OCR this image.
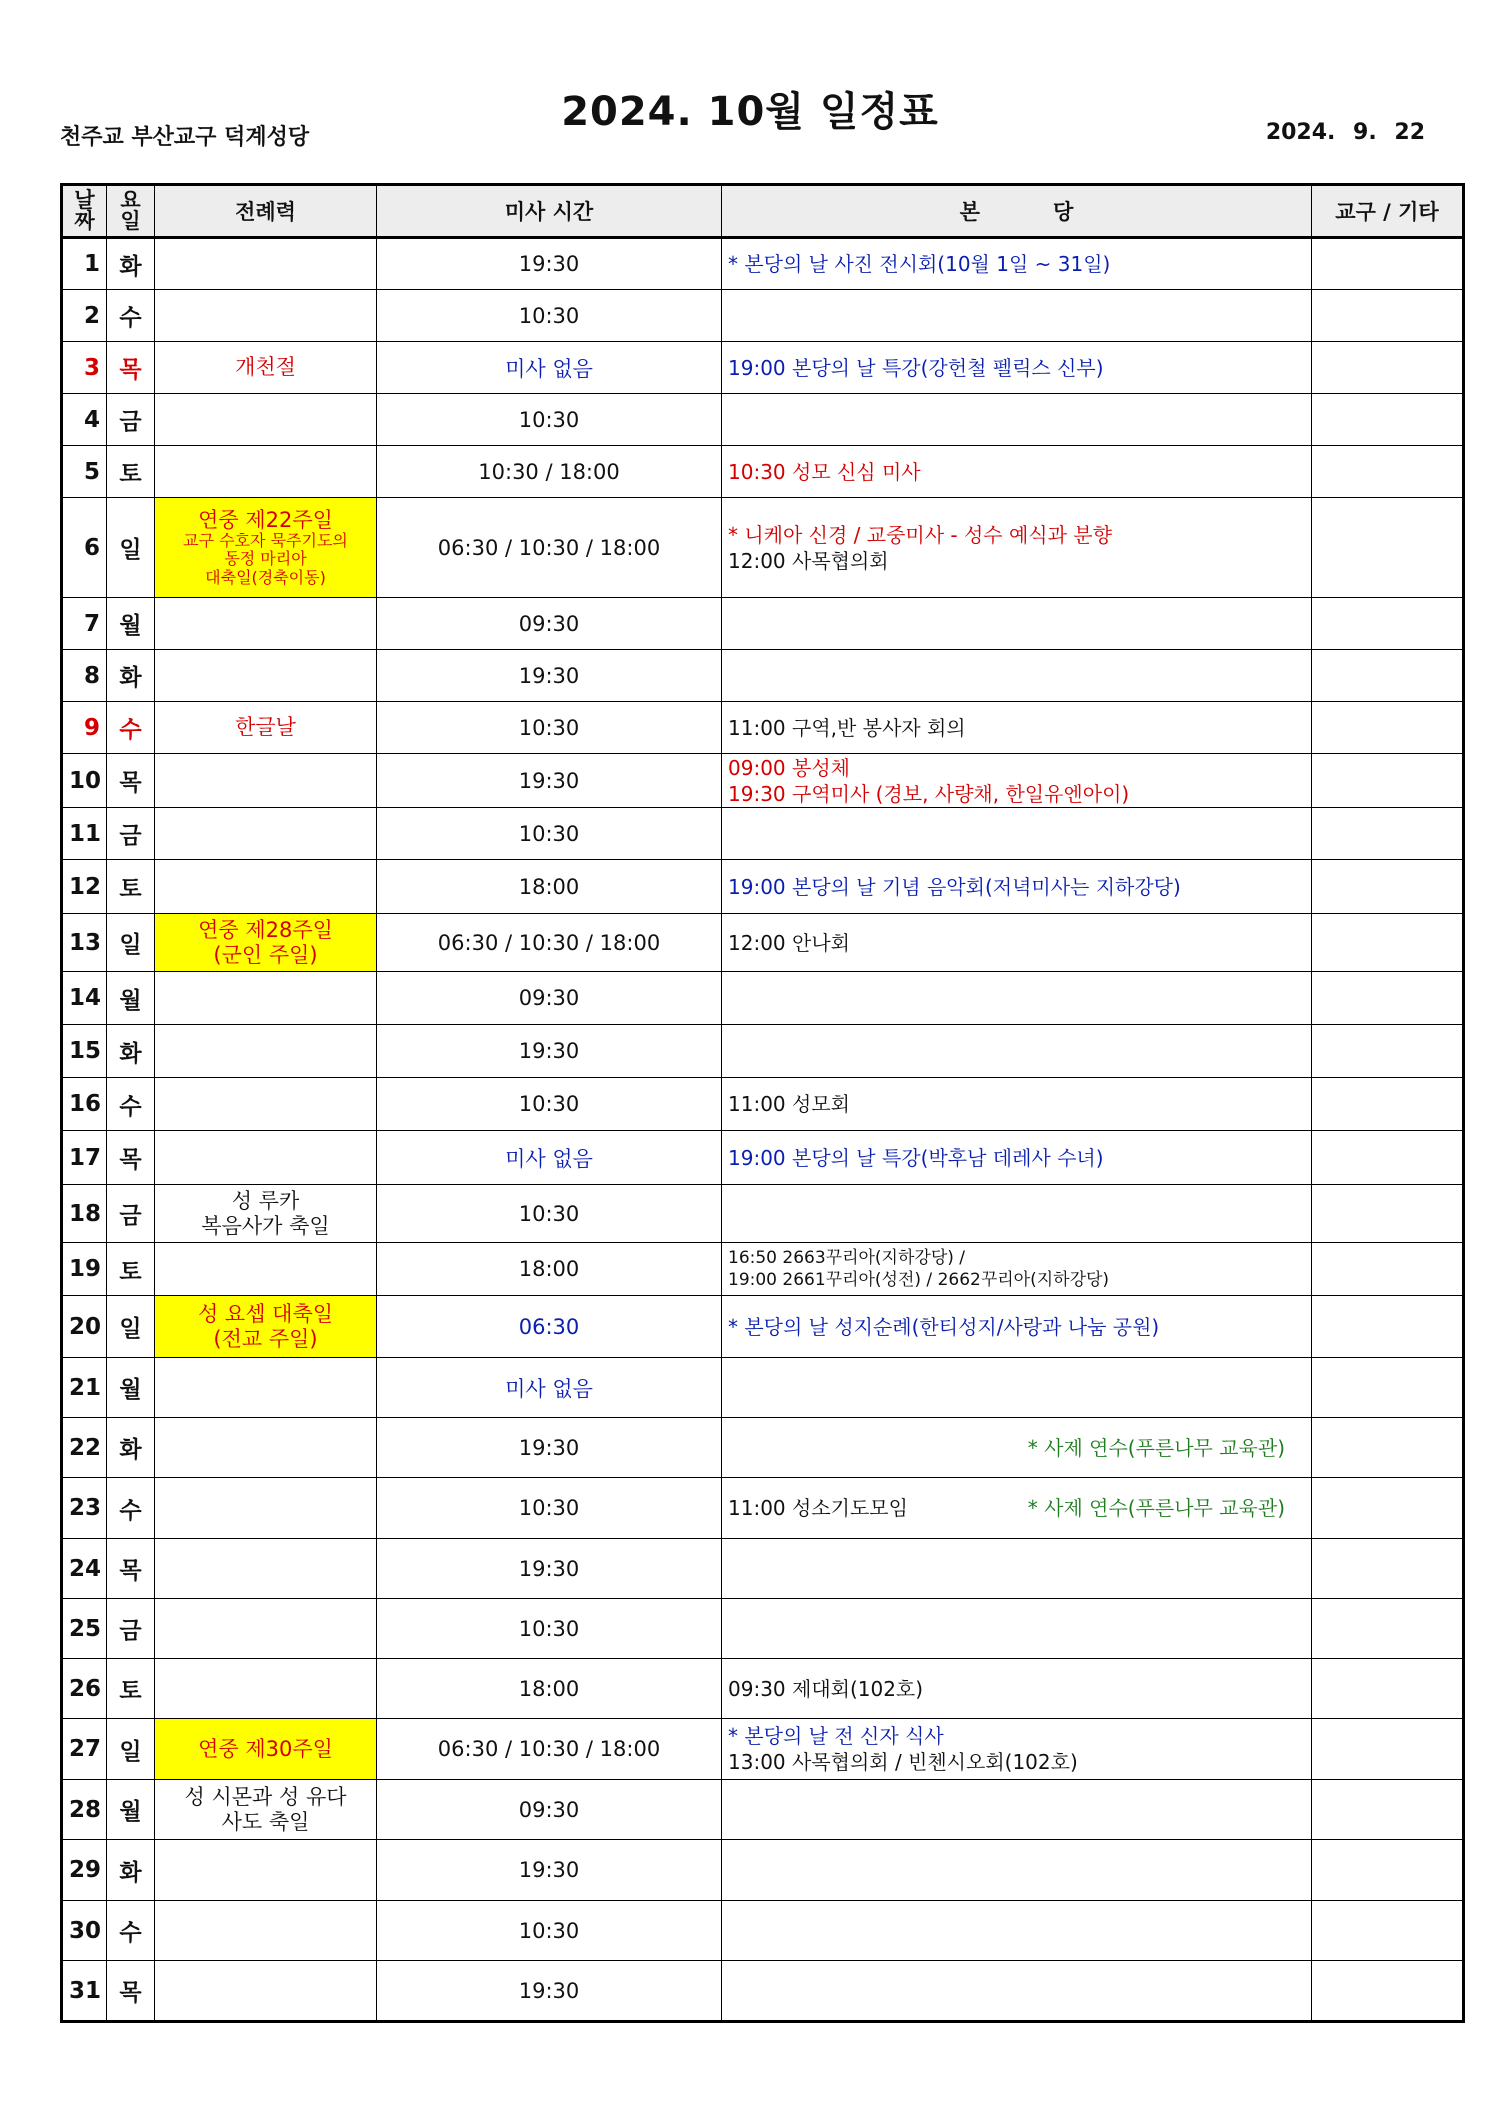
2024. 10월 일정표
천주교 부산교구 덕계성당	2024. 9. 22
날
짜	요
일	전례력	미사 시간	본          당	교구 / 기타
1	화		19:30	* 본당의 날 사진 전시회(10월 1일 ~ 31일)	

2	수		10:30		
3	목	개천절	미사 없음	19:00 본당의 날 특강(강헌철 펠릭스 신부)	

4	금		10:30		
5	토		10:30 / 18:00	10:30 성모 신심 미사	

6	일	연중 제22주일
교구 수호자 묵주기도의
동정 마리아
대축일(경축이동)	06:30 / 10:30 / 18:00	* 니케아 신경 / 교중미사 - 성수 예식과 분향
12:00 사목협의회	

7	월		09:30		
8	화		19:30		
9	수	한글날	10:30	11:00 구역,반 봉사자 회의	

10	목		19:30	09:00 봉성체
19:30 구역미사 (경보, 사량채, 한일유엔아이)	

11	금		10:30		
12	토		18:00	19:00 본당의 날 기념 음악회(저녁미사는 지하강당)	

13	일	연중 제28주일
(군인 주일)	06:30 / 10:30 / 18:00	12:00 안나회	

14	월		09:30		
15	화		19:30		
16	수		10:30	11:00 성모회	

17	목		미사 없음	19:00 본당의 날 특강(박후남 데레사 수녀)	

18	금	성 루카
복음사가 축일	10:30		
19	토		18:00	16:50 2663꾸리아(지하강당) /
19:00 2661꾸리아(성전) / 2662꾸리아(지하강당)	

20	일	성 요셉 대축일
(전교 주일)	06:30	* 본당의 날 성지순례(한티성지/사랑과 나눔 공원)	

21	월		미사 없음		
22	화		19:30	* 사제 연수(푸른나무 교육관)	

23	수		10:30	11:00 성소기도모임 * 사제 연수(푸른나무 교육관)	

24	목		19:30		
25	금		10:30		
26	토		18:00	09:30 제대회(102호)	

27	일	연중 제30주일	06:30 / 10:30 / 18:00	* 본당의 날 전 신자 식사
13:00 사목협의회 / 빈첸시오회(102호)	

28	월	성 시몬과 성 유다
사도 축일	09:30		
29	화		19:30		
30	수		10:30		
31	목		19:30		
